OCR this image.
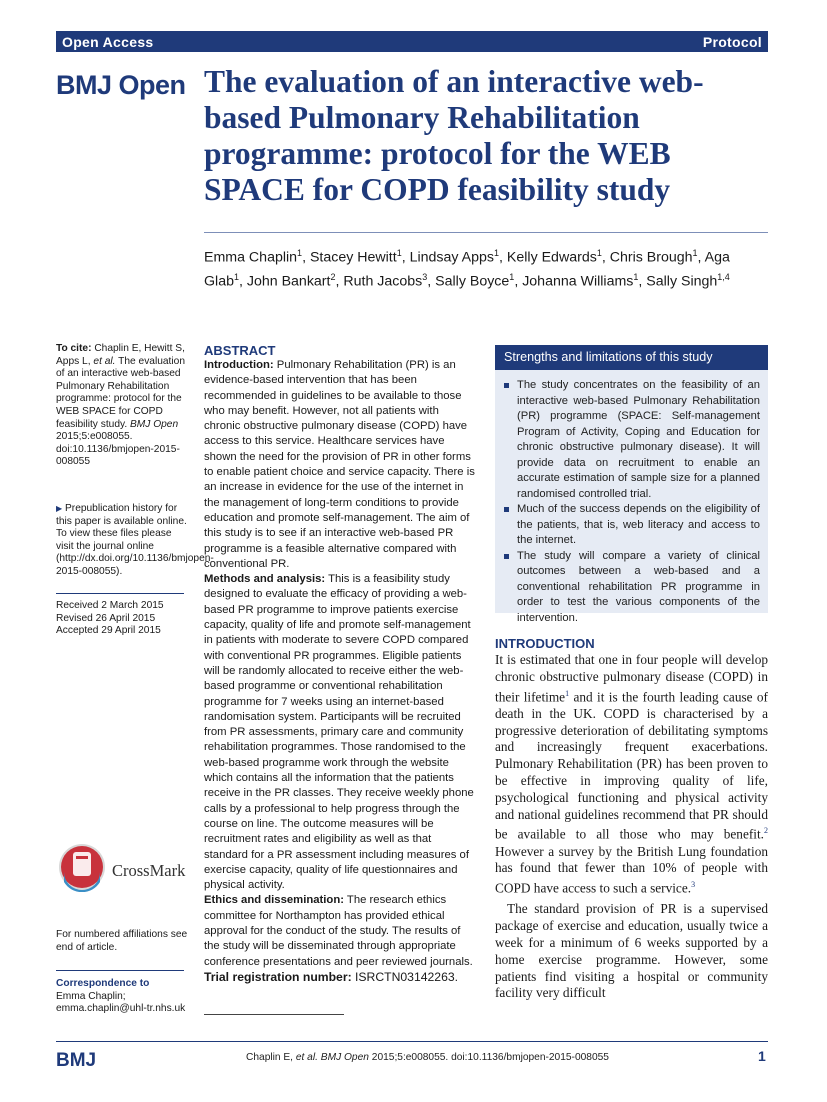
Open Access	Protocol
BMJ Open The evaluation of an interactive web-based Pulmonary Rehabilitation programme: protocol for the WEB SPACE for COPD feasibility study
Emma Chaplin$^1$, Stacey Hewitt$^1$, Lindsay Apps$^1$, Kelly Edwards$^1$, Chris Brough$^1$, Aga Glab$^1$, John Bankart$^2$, Ruth Jacobs$^3$, Sally Boyce$^1$, Johanna Williams$^1$, Sally Singh$^{1,4}$
To cite: Chaplin E, Hewitt S, Apps L, et al. The evaluation of an interactive web-based Pulmonary Rehabilitation programme: protocol for the WEB SPACE for COPD feasibility study. BMJ Open 2015;5:e008055. doi:10.1136/bmjopen-2015-008055
▶ Prepublication history for this paper is available online. To view these files please visit the journal online (http://dx.doi.org/10.1136/bmjopen-2015-008055).
Received 2 March 2015
Revised 26 April 2015
Accepted 29 April 2015
CrossMark
For numbered affiliations see end of article.
Correspondence to
Emma Chaplin;
emma.chaplin@uhl-tr.nhs.uk
ABSTRACT

Introduction: Pulmonary Rehabilitation (PR) is an evidence-based intervention that has been recommended in guidelines to be available to those who may benefit. However, not all patients with chronic obstructive pulmonary disease (COPD) have access to this service. Healthcare services have shown the need for the provision of PR in other forms to enable patient choice and service capacity. There is an increase in evidence for the use of the internet in the management of long-term conditions to provide education and promote self-management. The aim of this study is to see if an interactive web-based PR programme is a feasible alternative compared with conventional PR.

Methods and analysis: This is a feasibility study designed to evaluate the efficacy of providing a web-based PR programme to improve patients exercise capacity, quality of life and promote self-management in patients with moderate to severe COPD compared with conventional PR programmes. Eligible patients will be randomly allocated to receive either the web-based programme or conventional rehabilitation programme for 7 weeks using an internet-based randomisation system. Participants will be recruited from PR assessments, primary care and community rehabilitation programmes. Those randomised to the web-based programme work through the website which contains all the information that the patients receive in the PR classes. They receive weekly phone calls by a professional to help progress through the course on line. The outcome measures will be recruitment rates and eligibility as well as that standard for a PR assessment including measures of exercise capacity, quality of life questionnaires and physical activity.

Ethics and dissemination: The research ethics committee for Northampton has provided ethical approval for the conduct of the study. The results of the study will be disseminated through appropriate conference presentations and peer reviewed journals.

Trial registration number: ISRCTN03142263.

Strengths and limitations of this study
The study concentrates on the feasibility of an interactive web-based Pulmonary Rehabilitation (PR) programme (SPACE: Self-management Program of Activity, Coping and Education for chronic obstructive pulmonary disease). It will provide data on recruitment to enable an accurate estimation of sample size for a planned randomised controlled trial.
Much of the success depends on the eligibility of the patients, that is, web literacy and access to the internet.
The study will compare a variety of clinical outcomes between a web-based and a conventional rehabilitation PR programme in order to test the various components of the intervention.
INTRODUCTION

It is estimated that one in four people will develop chronic obstructive pulmonary disease (COPD) in their lifetime$^1$ and it is the fourth leading cause of death in the UK. COPD is characterised by a progressive deterioration of debilitating symptoms and increasingly frequent exacerbations. Pulmonary Rehabilitation (PR) has been proven to be effective in improving quality of life, psychological functioning and physical activity and national guidelines recommend that PR should be available to all those who may benefit.$^2$ However a survey by the British Lung foundation has found that fewer than 10% of people with COPD have access to such a service.$^3$

The standard provision of PR is a supervised package of exercise and education, usually twice a week for a minimum of 6 weeks supported by a home exercise programme. However, some patients find visiting a hospital or community facility very difficult

BMJ	Chaplin E, et al. BMJ Open 2015;5:e008055. doi:10.1136/bmjopen-2015-008055	1
